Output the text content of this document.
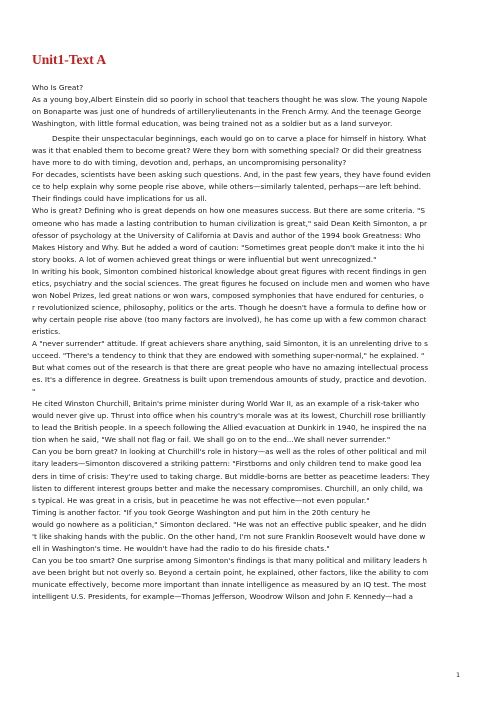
Unit1-Text A
Who Is Great?
As a young boy,Albert Einstein did so poorly in school that teachers thought he was slow. The young Napole
on Bonaparte was just one of hundreds of artillerylieutenants in the French Army. And the teenage George
Washington, with little formal education, was being trained not as a soldier but as a land surveyor.
Despite their unspectacular beginnings, each would go on to carve a place for himself in history. What
was it that enabled them to become great? Were they born with something special? Or did their greatness
have more to do with timing, devotion and, perhaps, an uncompromising personality?
For decades, scientists have been asking such questions. And, in the past few years, they have found eviden
ce to help explain why some people rise above, while others—similarly talented, perhaps—are left behind.
Their findings could have implications for us all.
Who is great? Defining who is great depends on how one measures success. But there are some criteria. "S
omeone who has made a lasting contribution to human civilization is great," said Dean Keith Simonton, a pr
ofessor of psychology at the University of California at Davis and author of the 1994 book Greatness: Who
Makes History and Why. But he added a word of caution: "Sometimes great people don't make it into the hi
story books. A lot of women achieved great things or were influential but went unrecognized."
In writing his book, Simonton combined historical knowledge about great figures with recent findings in gen
etics, psychiatry and the social sciences. The great figures he focused on include men and women who have
won Nobel Prizes, led great nations or won wars, composed symphonies that have endured for centuries, o
r revolutionized science, philosophy, politics or the arts. Though he doesn't have a formula to define how or
why certain people rise above (too many factors are involved), he has come up with a few common charact
eristics.
A "never surrender" attitude. If great achievers share anything, said Simonton, it is an unrelenting drive to s
ucceed. "There's a tendency to think that they are endowed with something super-normal," he explained. "
But what comes out of the research is that there are great people who have no amazing intellectual process
es. It's a difference in degree. Greatness is built upon tremendous amounts of study, practice and devotion.
"
He cited Winston Churchill, Britain's prime minister during World War II, as an example of a risk-taker who
would never give up. Thrust into office when his country's morale was at its lowest, Churchill rose brilliantly
to lead the British people. In a speech following the Allied evacuation at Dunkirk in 1940, he inspired the na
tion when he said, "We shall not flag or fail. We shall go on to the end...We shall never surrender."
Can you be born great? In looking at Churchill's role in history—as well as the roles of other political and mil
itary leaders—Simonton discovered a striking pattern: "Firstborns and only children tend to make good lea
ders in time of crisis: They're used to taking charge. But middle-borns are better as peacetime leaders: They
listen to different interest groups better and make the necessary compromises. Churchill, an only child, wa
s typical. He was great in a crisis, but in peacetime he was not effective—not even popular."
Timing is another factor. "If you took George Washington and put him in the 20th century he
would go nowhere as a politician," Simonton declared. "He was not an effective public speaker, and he didn
't like shaking hands with the public. On the other hand, I'm not sure Franklin Roosevelt would have done w
ell in Washington's time. He wouldn't have had the radio to do his fireside chats."
Can you be too smart? One surprise among Simonton's findings is that many political and military leaders h
ave been bright but not overly so. Beyond a certain point, he explained, other factors, like the ability to com
municate effectively, become more important than innate intelligence as measured by an IQ test. The most
intelligent U.S. Presidents, for example—Thomas Jefferson, Woodrow Wilson and John F. Kennedy—had a
1
